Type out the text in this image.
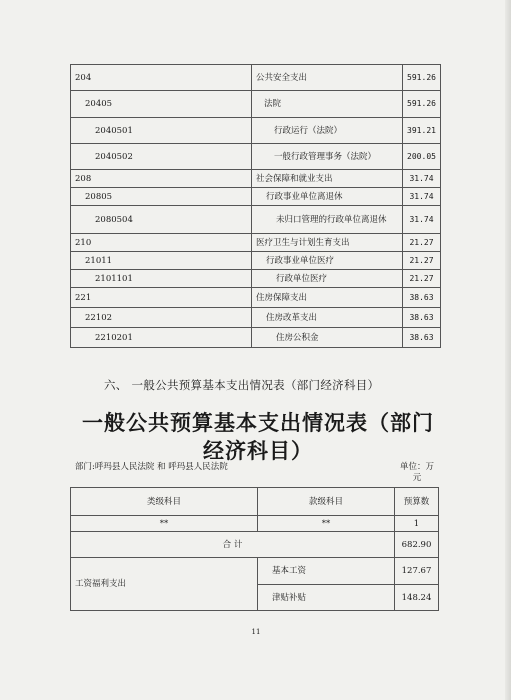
204	公共安全支出	591.26

20405	法院	591.26

2040501	行政运行（法院）	391.21

2040502	一般行政管理事务（法院）	200.05

208	社会保障和就业支出	31.74

20805	行政事业单位离退休	31.74

2080504	未归口管理的行政单位离退休	31.74

210	医疗卫生与计划生育支出	21.27

21011	行政事业单位医疗	21.27

2101101	行政单位医疗	21.27

221	住房保障支出	38.63

22102	住房改革支出	38.63

2210201	住房公积金	38.63
六、 一般公共预算基本支出情况表（部门经济科目）
一般公共预算基本支出情况表（部门经济科目）
部门:呼玛县人民法院 和 呼玛县人民法院	单位：万元
类级科目	款级科目	预算数
**	**	1
合 计		682.90

工资福利支出	基本工资	127.67

	津贴补贴	148.24
11
